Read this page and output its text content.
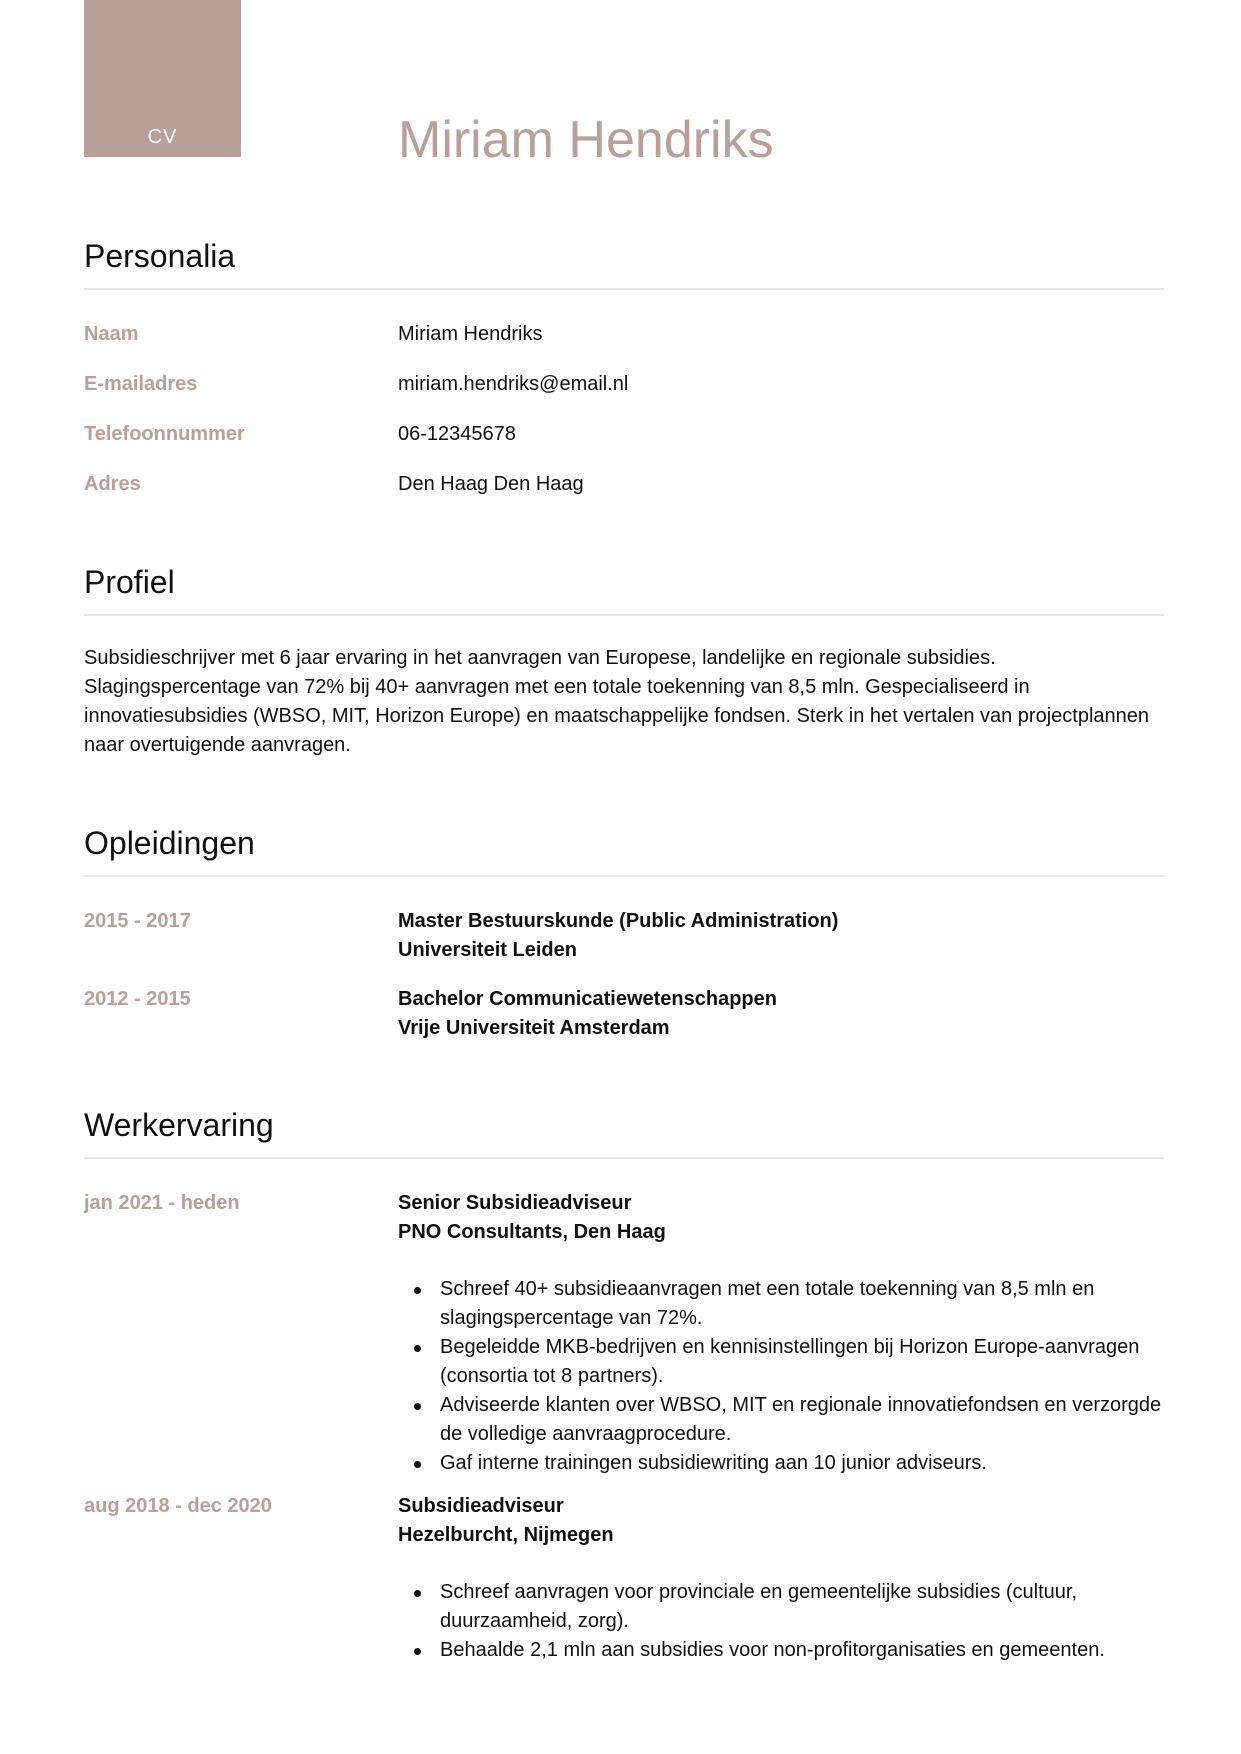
CV	Miriam Hendriks
Personalia
Naam	Miriam Hendriks
E-mailadres	miriam.hendriks@email.nl
Telefoonnummer	06-12345678
Adres	Den Haag Den Haag
Profiel

Subsidieschrijver met 6 jaar ervaring in het aanvragen van Europese, landelijke en regionale subsidies. Slagingspercentage van 72% bij 40+ aanvragen met een totale toekenning van 8,5 mln. Gespecialiseerd in innovatiesubsidies (WBSO, MIT, Horizon Europe) en maatschappelijke fondsen. Sterk in het vertalen van projectplannen naar overtuigende aanvragen.

Opleidingen
2015 - 2017	Master Bestuurskunde (Public Administration)
Universiteit Leiden
2012 - 2015	Bachelor Communicatiewetenschappen
Vrije Universiteit Amsterdam
Werkervaring
jan 2021 - heden	Senior Subsidieadviseur
PNO Consultants, Den Haag
Schreef 40+ subsidieaanvragen met een totale toekenning van 8,5 mln en slagingspercentage van 72%.
Begeleidde MKB-bedrijven en kennisinstellingen bij Horizon Europe-aanvragen (consortia tot 8 partners).
Adviseerde klanten over WBSO, MIT en regionale innovatiefondsen en verzorgde de volledige aanvraagprocedure.
Gaf interne trainingen subsidiewriting aan 10 junior adviseurs.
aug 2018 - dec 2020	Subsidieadviseur
Hezelburcht, Nijmegen
Schreef aanvragen voor provinciale en gemeentelijke subsidies (cultuur, duurzaamheid, zorg).
Behaalde 2,1 mln aan subsidies voor non-profitorganisaties en gemeenten.
